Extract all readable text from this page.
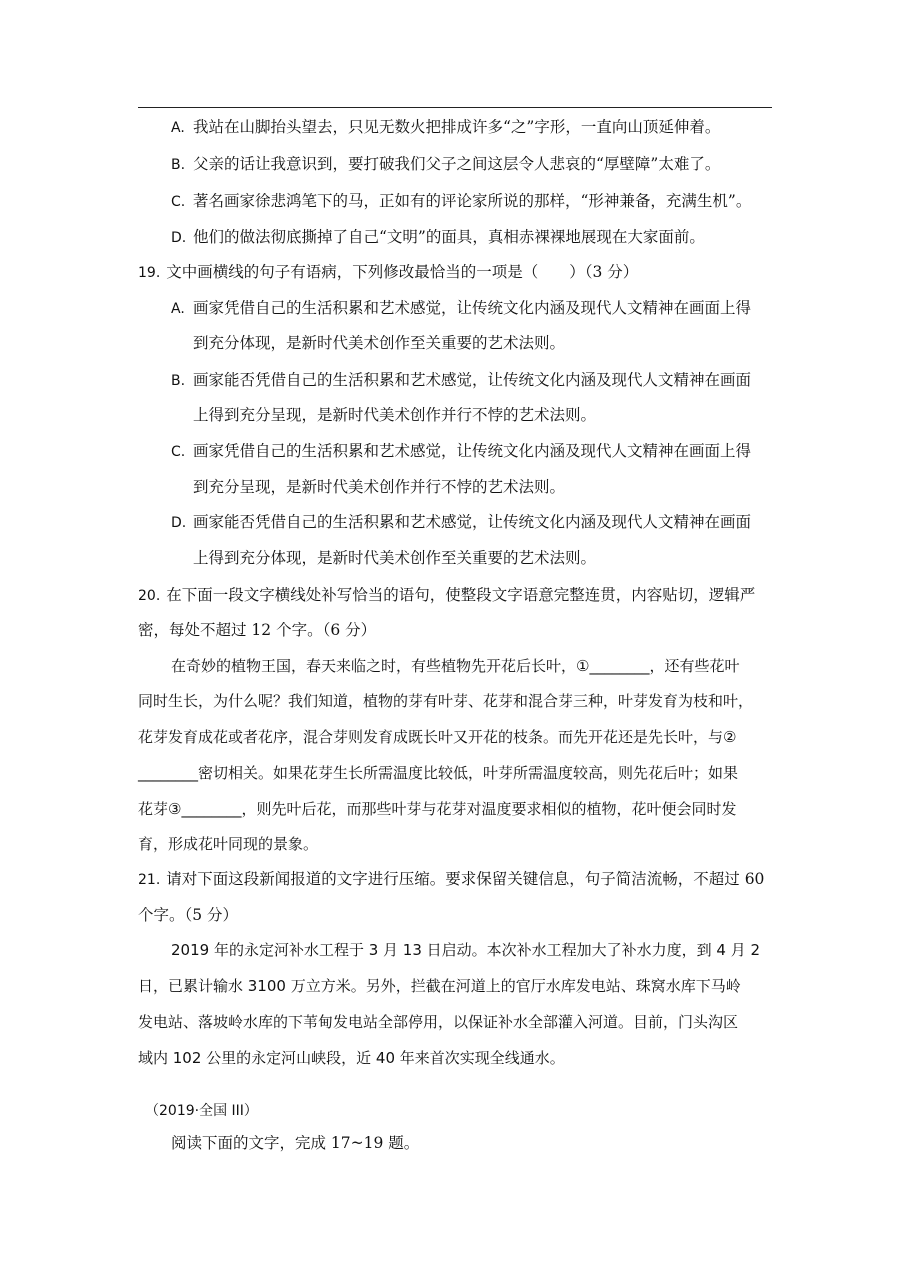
A. 我站在山脚抬头望去，只见无数火把排成许多“之”字形，一直向山顶延伸着。
B. 父亲的话让我意识到，要打破我们父子之间这层令人悲哀的“厚壁障”太难了。
C. 著名画家徐悲鸿笔下的马，正如有的评论家所说的那样，“形神兼备，充满生机”。
D. 他们的做法彻底撕掉了自己“文明”的面具，真相赤裸裸地展现在大家面前。
19. 文中画横线的句子有语病，下列修改最恰当的一项是（　　）（3 分）
A. 画家凭借自己的生活积累和艺术感觉，让传统文化内涵及现代人文精神在画面上得
到充分体现，是新时代美术创作至关重要的艺术法则。
B. 画家能否凭借自己的生活积累和艺术感觉，让传统文化内涵及现代人文精神在画面
上得到充分呈现，是新时代美术创作并行不悖的艺术法则。
C. 画家凭借自己的生活积累和艺术感觉，让传统文化内涵及现代人文精神在画面上得
到充分呈现，是新时代美术创作并行不悖的艺术法则。
D. 画家能否凭借自己的生活积累和艺术感觉，让传统文化内涵及现代人文精神在画面
上得到充分体现，是新时代美术创作至关重要的艺术法则。
20. 在下面一段文字横线处补写恰当的语句，使整段文字语意完整连贯，内容贴切，逻辑严
密，每处不超过 12 个字。（6 分）
在奇妙的植物王国，春天来临之时，有些植物先开花后长叶，①________，还有些花叶
同时生长，为什么呢？我们知道，植物的芽有叶芽、花芽和混合芽三种，叶芽发育为枝和叶，
花芽发育成花或者花序，混合芽则发育成既长叶又开花的枝条。而先开花还是先长叶，与②
________密切相关。如果花芽生长所需温度比较低，叶芽所需温度较高，则先花后叶；如果
花芽③________，则先叶后花，而那些叶芽与花芽对温度要求相似的植物，花叶便会同时发
育，形成花叶同现的景象。
21. 请对下面这段新闻报道的文字进行压缩。要求保留关键信息，句子简洁流畅，不超过 60
个字。（5 分）
2019 年的永定河补水工程于 3 月 13 日启动。本次补水工程加大了补水力度，到 4 月 2
日，已累计输水 3100 万立方米。另外，拦截在河道上的官厅水库发电站、珠窝水库下马岭
发电站、落坡岭水库的下苇甸发电站全部停用，以保证补水全部灌入河道。目前，门头沟区
域内 102 公里的永定河山峡段，近 40 年来首次实现全线通水。
（2019·全国 III）
阅读下面的文字，完成 17~19 题。
